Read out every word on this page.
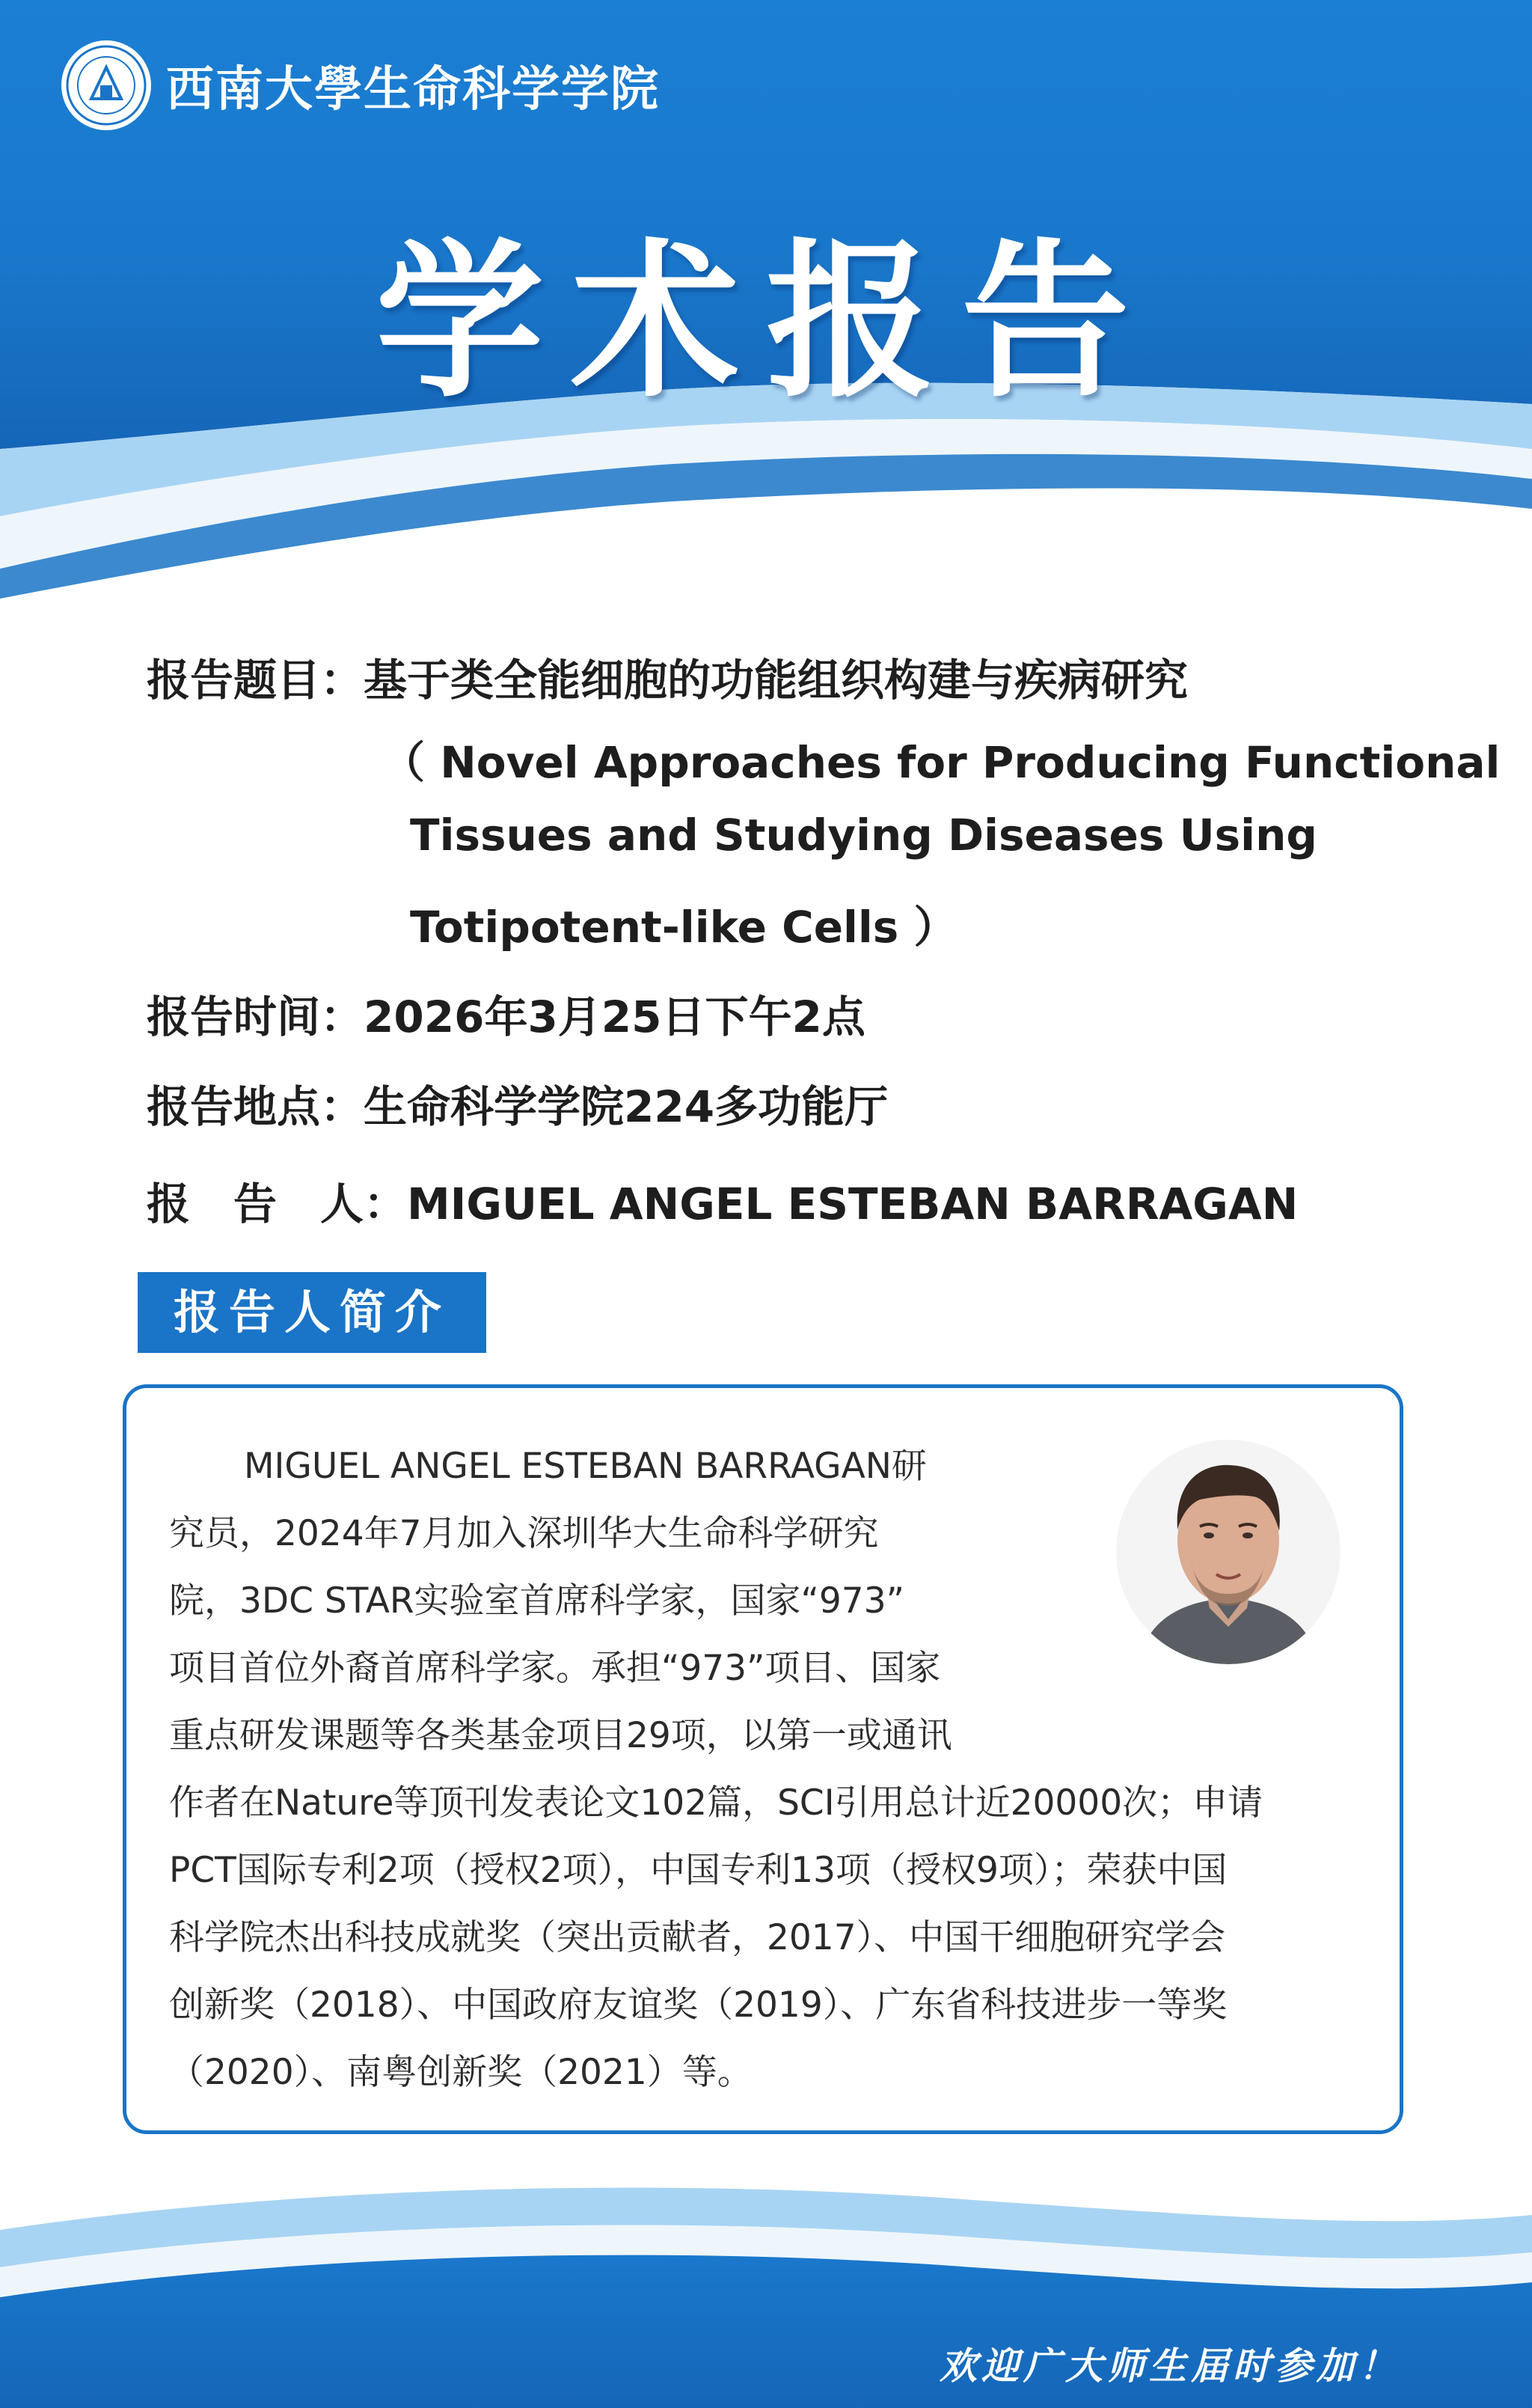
西南大學生命科学学院
学术报告
报告题目：基于类全能细胞的功能组织构建与疾病研究
（ Novel Approaches for Producing Functional
Tissues and Studying Diseases Using
Totipotent-like Cells ）
报告时间：2026年3月25日下午2点
报告地点：生命科学学院224多功能厅
报　告　人：MIGUEL ANGEL ESTEBAN BARRAGAN
报告人简介
MIGUEL ANGEL ESTEBAN BARRAGAN研
究员，2024年7月加入深圳华大生命科学研究
院，3DC STAR实验室首席科学家，国家“973”
项目首位外裔首席科学家。承担“973”项目、国家
重点研发课题等各类基金项目29项，以第一或通讯
作者在Nature等顶刊发表论文102篇，SCI引用总计近20000次；申请
PCT国际专利2项（授权2项），中国专利13项（授权9项）；荣获中国
科学院杰出科技成就奖（突出贡献者，2017）、中国干细胞研究学会
创新奖（2018）、中国政府友谊奖（2019）、广东省科技进步一等奖
（2020）、南粤创新奖（2021）等。
欢迎广大师生届时参加！
